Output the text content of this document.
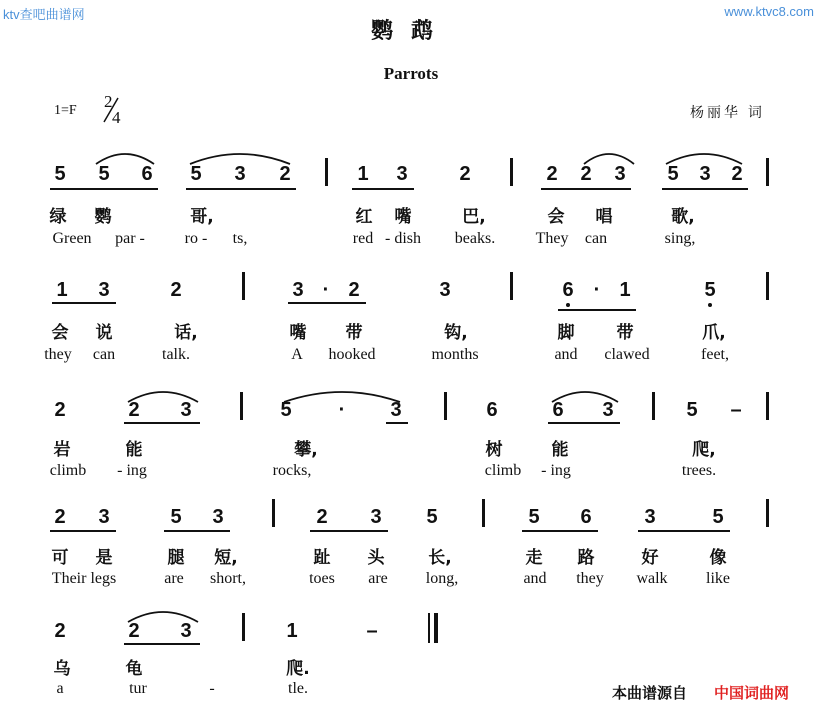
ktv查吧曲谱网	www.ktvc8.com
鹦鹉
Parrots
1=F 2
4	杨丽华 词
5 5 6 5 3 2	1 3	2	2 2 3 5 3 2
绿 鹦	哥,	红 嘴	巴,	会 唱	歌,
Green par - ro - ts,	red - dish beaks.	They can	sing,
1 3	2	3 · 2	3	6 · 1	5
会 说	话,	嘴 带	钩,	脚 带	爪,
they can	talk.	A hooked	months	and clawed	feet,
2	2 3	5 · 3	6	6 3	5 –
岩	能	攀,	树	能	爬,
climb - ing	rocks,	climb - ing	trees.
2 3	5 3	2 3 5	5 6	3	5
可 是	腿 短,	趾 头	长,	走 路	好	像
Their legs	are short,	toes are long,	and they walk like
2	2 3	1	–
乌	龟	爬.
a	tur	-	tle.	本曲谱源自 中国词曲网
